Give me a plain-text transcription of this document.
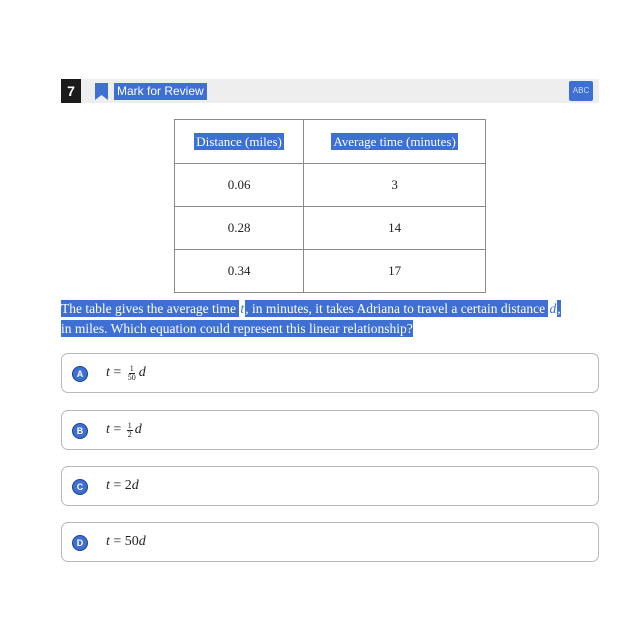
7	Mark for Review	ABC
Distance (miles)	Average time (minutes)
0.06	3
0.28	14
0.34	17
The table gives the average time t, in minutes, it takes Adriana to travel a certain distance d,
in miles. Which equation could represent this linear relationship?
A	t
=
$\frac{1}{50}$ d
B	t
=
$\frac{1}{2}$ d
C	t
=
2 d
D	t
=
50 d
